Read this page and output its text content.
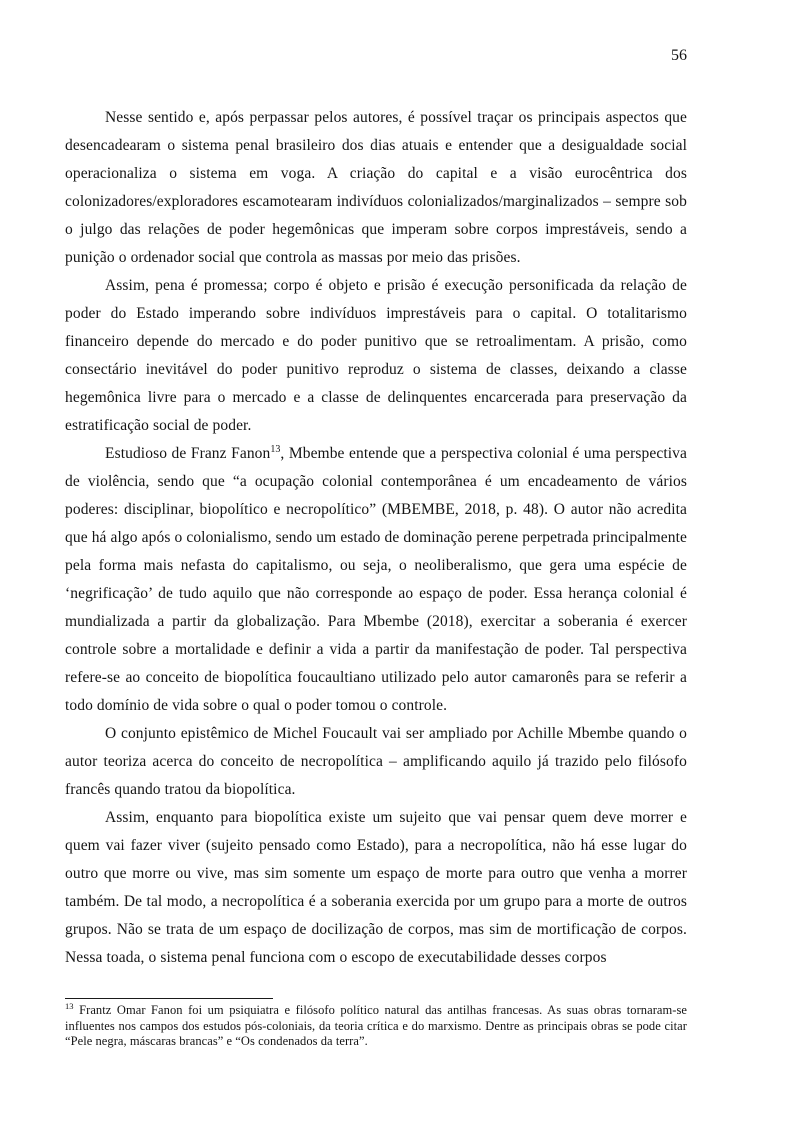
56

Nesse sentido e, após perpassar pelos autores, é possível traçar os principais aspectos que desencadearam o sistema penal brasileiro dos dias atuais e entender que a desigualdade social operacionaliza o sistema em voga. A criação do capital e a visão eurocêntrica dos colonizadores/exploradores escamotearam indivíduos colonializados/marginalizados – sempre sob o julgo das relações de poder hegemônicas que imperam sobre corpos imprestáveis, sendo a punição o ordenador social que controla as massas por meio das prisões.

Assim, pena é promessa; corpo é objeto e prisão é execução personificada da relação de poder do Estado imperando sobre indivíduos imprestáveis para o capital. O totalitarismo financeiro depende do mercado e do poder punitivo que se retroalimentam. A prisão, como consectário inevitável do poder punitivo reproduz o sistema de classes, deixando a classe hegemônica livre para o mercado e a classe de delinquentes encarcerada para preservação da estratificação social de poder.

Estudioso de Franz Fanon$^{13}$, Mbembe entende que a perspectiva colonial é uma perspectiva de violência, sendo que “a ocupação colonial contemporânea é um encadeamento de vários poderes: disciplinar, biopolítico e necropolítico” (MBEMBE, 2018, p. 48). O autor não acredita que há algo após o colonialismo, sendo um estado de dominação perene perpetrada principalmente pela forma mais nefasta do capitalismo, ou seja, o neoliberalismo, que gera uma espécie de ‘negrificação’ de tudo aquilo que não corresponde ao espaço de poder. Essa herança colonial é mundializada a partir da globalização. Para Mbembe (2018), exercitar a soberania é exercer controle sobre a mortalidade e definir a vida a partir da manifestação de poder. Tal perspectiva refere-se ao conceito de biopolítica foucaultiano utilizado pelo autor camaronês para se referir a todo domínio de vida sobre o qual o poder tomou o controle.

O conjunto epistêmico de Michel Foucault vai ser ampliado por Achille Mbembe quando o autor teoriza acerca do conceito de necropolítica – amplificando aquilo já trazido pelo filósofo francês quando tratou da biopolítica.

Assim, enquanto para biopolítica existe um sujeito que vai pensar quem deve morrer e quem vai fazer viver (sujeito pensado como Estado), para a necropolítica, não há esse lugar do outro que morre ou vive, mas sim somente um espaço de morte para outro que venha a morrer também. De tal modo, a necropolítica é a soberania exercida por um grupo para a morte de outros grupos. Não se trata de um espaço de docilização de corpos, mas sim de mortificação de corpos. Nessa toada, o sistema penal funciona com o escopo de executabilidade desses corpos

$^{13}$ Frantz Omar Fanon foi um psiquiatra e filósofo político natural das antilhas francesas. As suas obras tornaram-se influentes nos campos dos estudos pós-coloniais, da teoria crítica e do marxismo. Dentre as principais obras se pode citar “Pele negra, máscaras brancas” e “Os condenados da terra”.
